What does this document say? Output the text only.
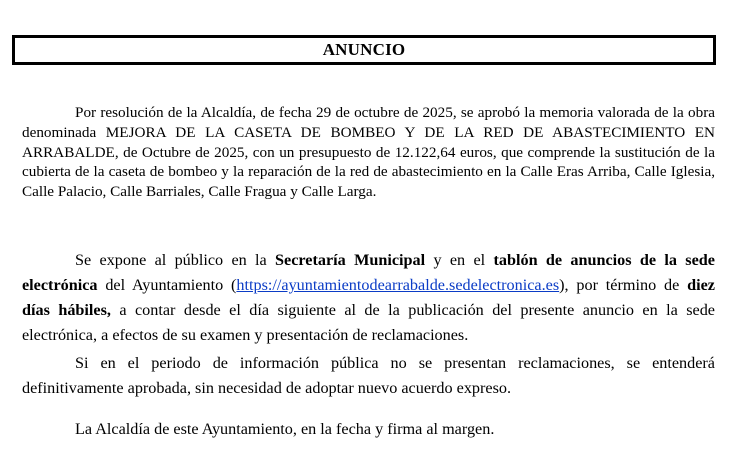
ANUNCIO

Por resolución de la Alcaldía, de fecha 29 de octubre de 2025, se aprobó la memoria valorada de la obra denominada MEJORA DE LA CASETA DE BOMBEO Y DE LA RED DE ABASTECIMIENTO EN ARRABALDE, de Octubre de 2025, con un presupuesto de 12.122,64 euros, que comprende la sustitución de la cubierta de la caseta de bombeo y la reparación de la red de abastecimiento en la Calle Eras Arriba, Calle Iglesia, Calle Palacio, Calle Barriales, Calle Fragua y Calle Larga.

Se expone al público en la Secretaría Municipal y en el tablón de anuncios de la sede electrónica del Ayuntamiento (https://ayuntamientodearrabalde.sedelectronica.es), por término de diez días hábiles, a contar desde el día siguiente al de la publicación del presente anuncio en la sede electrónica, a efectos de su examen y presentación de reclamaciones.

Si en el periodo de información pública no se presentan reclamaciones, se entenderá definitivamente aprobada, sin necesidad de adoptar nuevo acuerdo expreso.

La Alcaldía de este Ayuntamiento, en la fecha y firma al margen.
